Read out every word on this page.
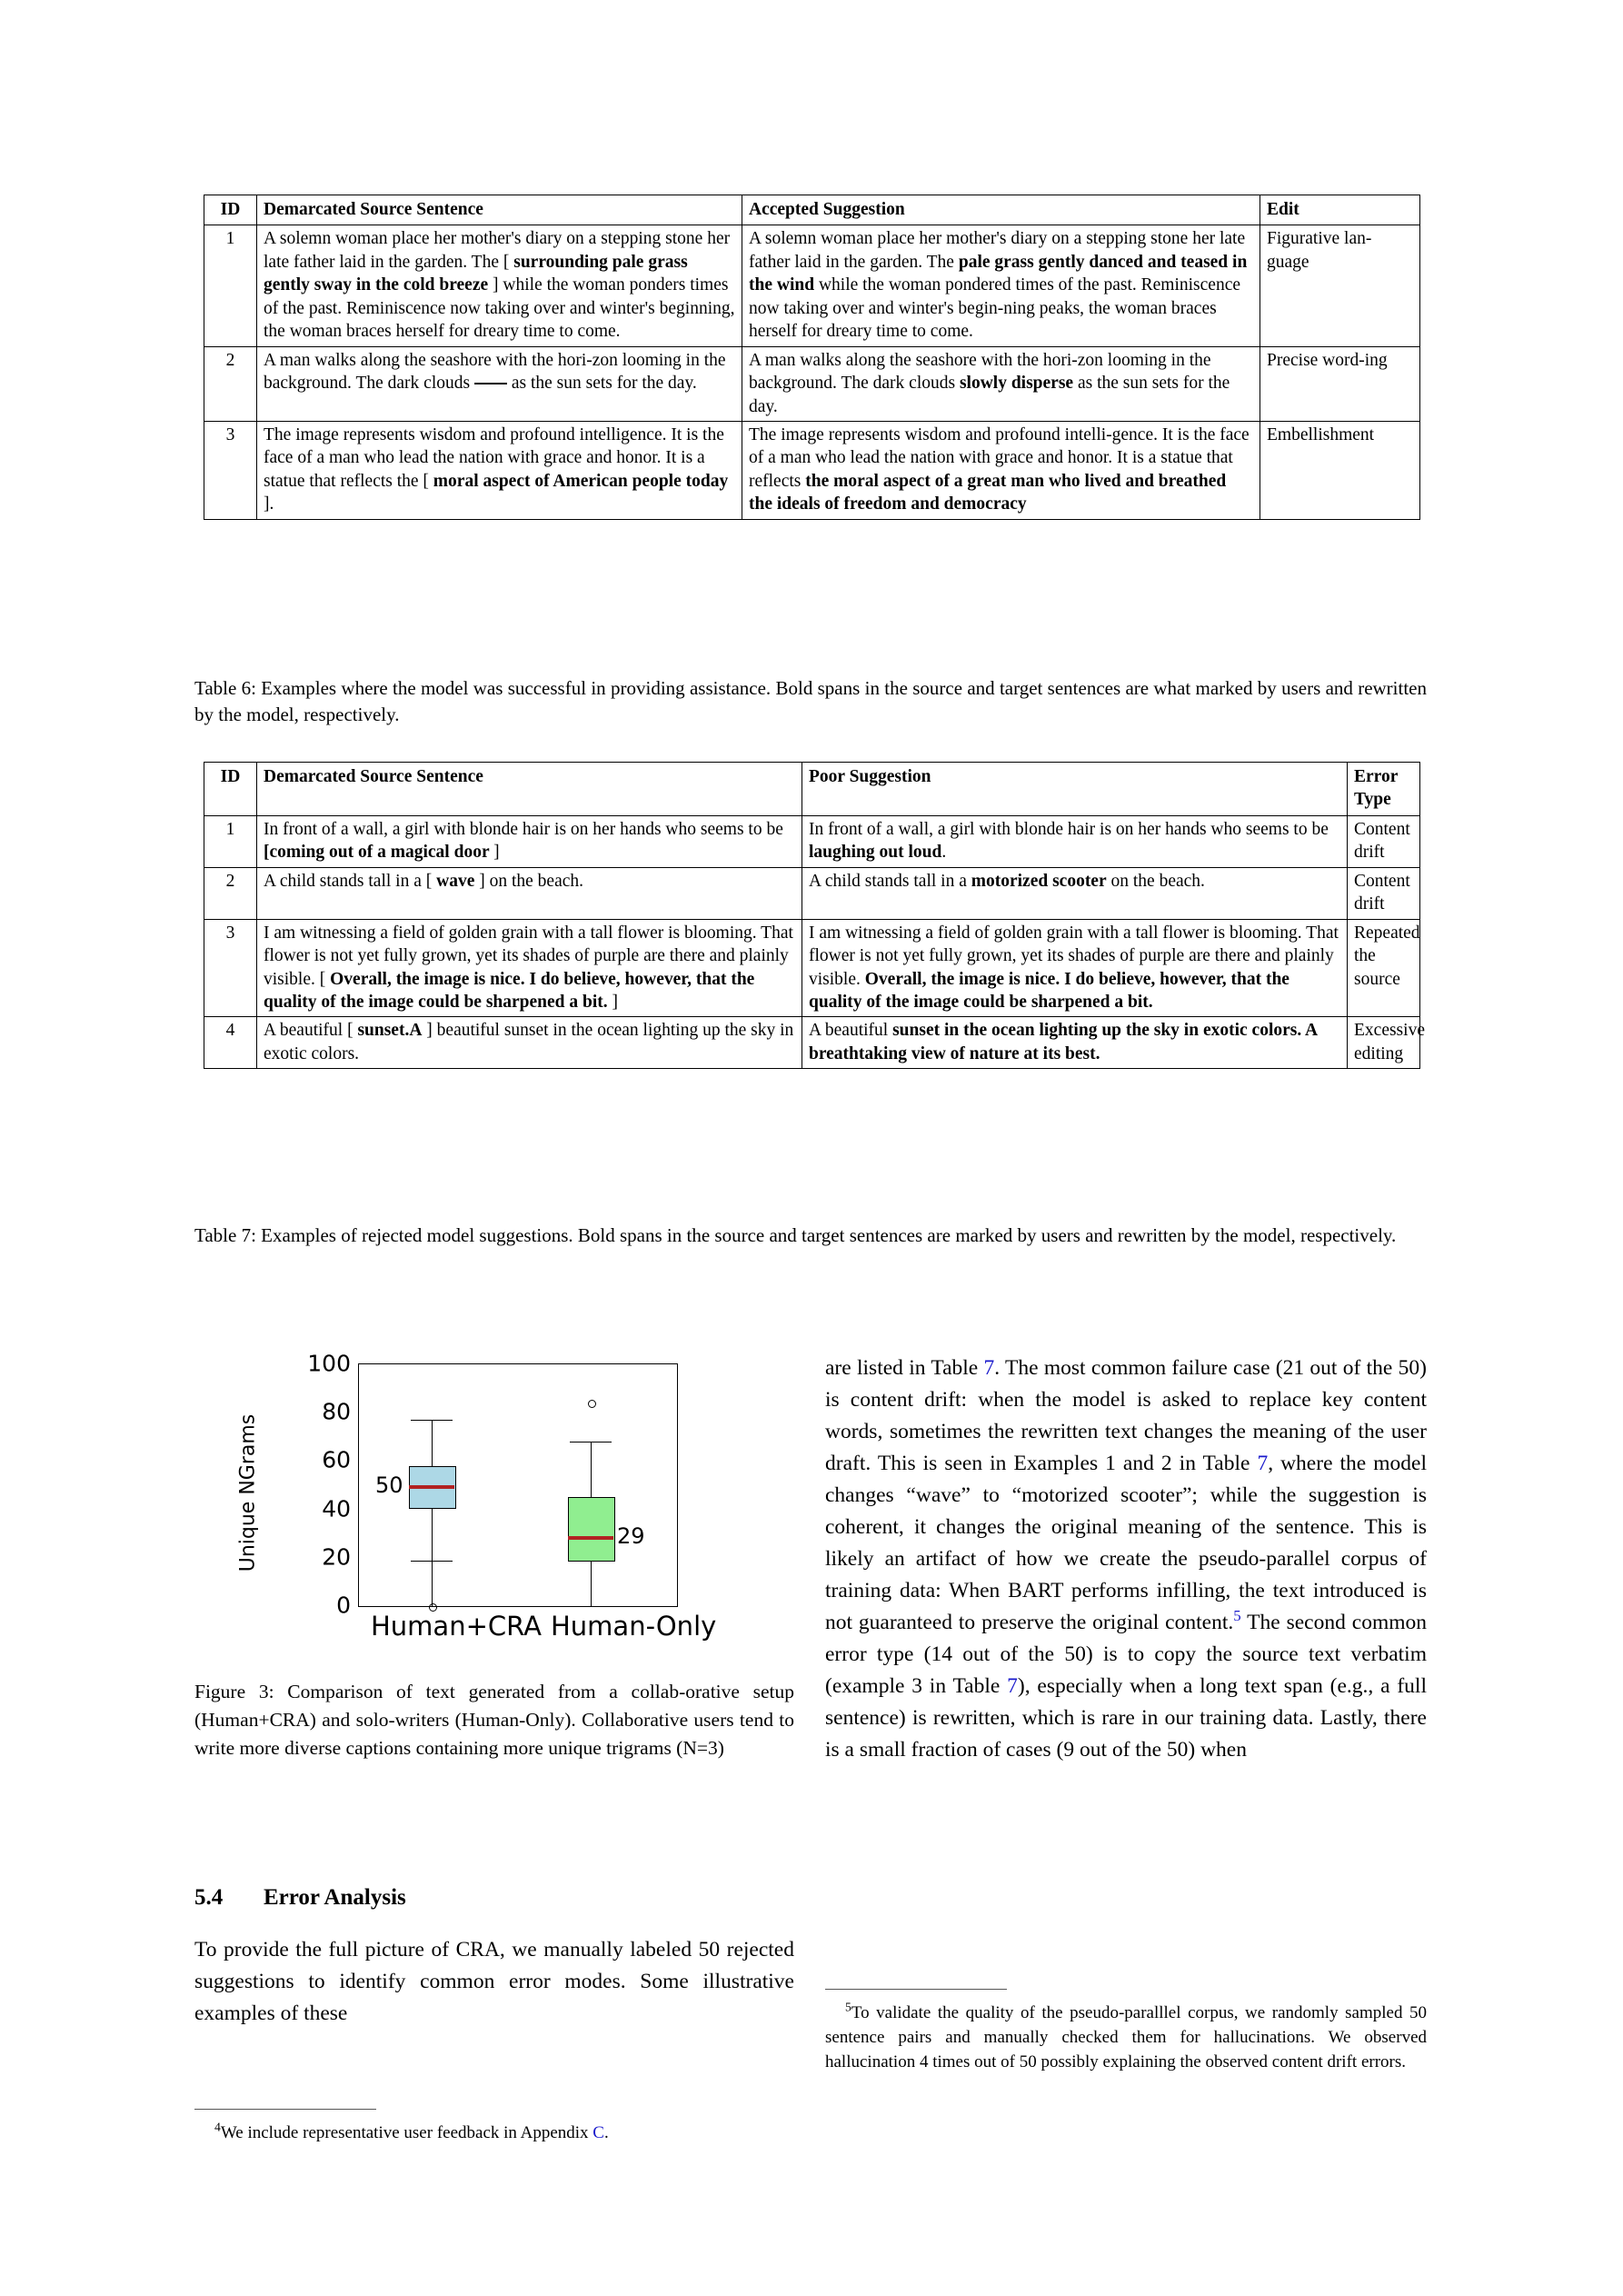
ID	Demarcated Source Sentence	Accepted Suggestion	Edit
1	A solemn woman place her mother's diary on a stepping stone her late father laid in the garden. The [ surrounding pale grass gently sway in the cold breeze ] while the woman ponders times of the past. Reminiscence now taking over and winter's beginning, the woman braces herself for dreary time to come.	A solemn woman place her mother's diary on a stepping stone her late father laid in the garden. The pale grass gently danced and teased in the wind while the woman pondered times of the past. Reminiscence now taking over and winter's begin-ning peaks, the woman braces herself for dreary time to come.	Figurative lan-guage
2	A man walks along the seashore with the hori-zon looming in the background. The dark clouds  as the sun sets for the day.	A man walks along the seashore with the hori-zon looming in the background. The dark clouds slowly disperse as the sun sets for the day.	Precise word-ing
3	The image represents wisdom and profound intelligence. It is the face of a man who lead the nation with grace and honor. It is a statue that reflects the [ moral aspect of American people today ].	The image represents wisdom and profound intelli-gence. It is the face of a man who lead the nation with grace and honor. It is a statue that reflects the moral aspect of a great man who lived and breathed the ideals of freedom and democracy	Embellishment
Table 6: Examples where the model was successful in providing assistance. Bold spans in the source and target sentences are what marked by users and rewritten by the model, respectively.
ID	Demarcated Source Sentence	Poor Suggestion	Error Type
1	In front of a wall, a girl with blonde hair is on her hands who seems to be [coming out of a magical door ]	In front of a wall, a girl with blonde hair is on her hands who seems to be laughing out loud.	Content drift
2	A child stands tall in a [ wave ] on the beach.	A child stands tall in a motorized scooter on the beach.	Content drift
3	I am witnessing a field of golden grain with a tall flower is blooming. That flower is not yet fully grown, yet its shades of purple are there and plainly visible. [ Overall, the image is nice. I do believe, however, that the quality of the image could be sharpened a bit. ]	I am witnessing a field of golden grain with a tall flower is blooming. That flower is not yet fully grown, yet its shades of purple are there and plainly visible. Overall, the image is nice. I do believe, however, that the quality of the image could be sharpened a bit.	Repeated the source
4	A beautiful [ sunset.A ] beautiful sunset in the ocean lighting up the sky in exotic colors.	A beautiful sunset in the ocean lighting up the sky in exotic colors. A breathtaking view of nature at its best.	Excessive editing
Table 7: Examples of rejected model suggestions. Bold spans in the source and target sentences are marked by users and rewritten by the model, respectively.
Unique NGrams
100
80
60
40
20
0
50
29
Human+CRA Human-Only
Figure 3: Comparison of text generated from a collab-orative setup (Human+CRA) and solo-writers (Human-Only). Collaborative users tend to write more diverse captions containing more unique trigrams (N=3)
5.4 Error Analysis
To provide the full picture of CRA, we manually labeled 50 rejected suggestions to identify common error modes. Some illustrative examples of these
are listed in Table 7. The most common failure case (21 out of the 50) is content drift: when the model is asked to replace key content words, sometimes the rewritten text changes the meaning of the user draft. This is seen in Examples 1 and 2 in Table 7, where the model changes “wave” to “motorized scooter”; while the suggestion is coherent, it changes the original meaning of the sentence. This is likely an artifact of how we create the pseudo-parallel corpus of training data: When BART performs infilling, the text introduced is not guaranteed to preserve the original content.$^5$ The second common error type (14 out of the 50) is to copy the source text verbatim (example 3 in Table 7), especially when a long text span (e.g., a full sentence) is rewritten, which is rare in our training data. Lastly, there is a small fraction of cases (9 out of the 50) when
$^4$We include representative user feedback in Appendix C.
$^5$To validate the quality of the pseudo-paralllel corpus, we randomly sampled 50 sentence pairs and manually checked them for hallucinations. We observed hallucination 4 times out of 50 possibly explaining the observed content drift errors.
